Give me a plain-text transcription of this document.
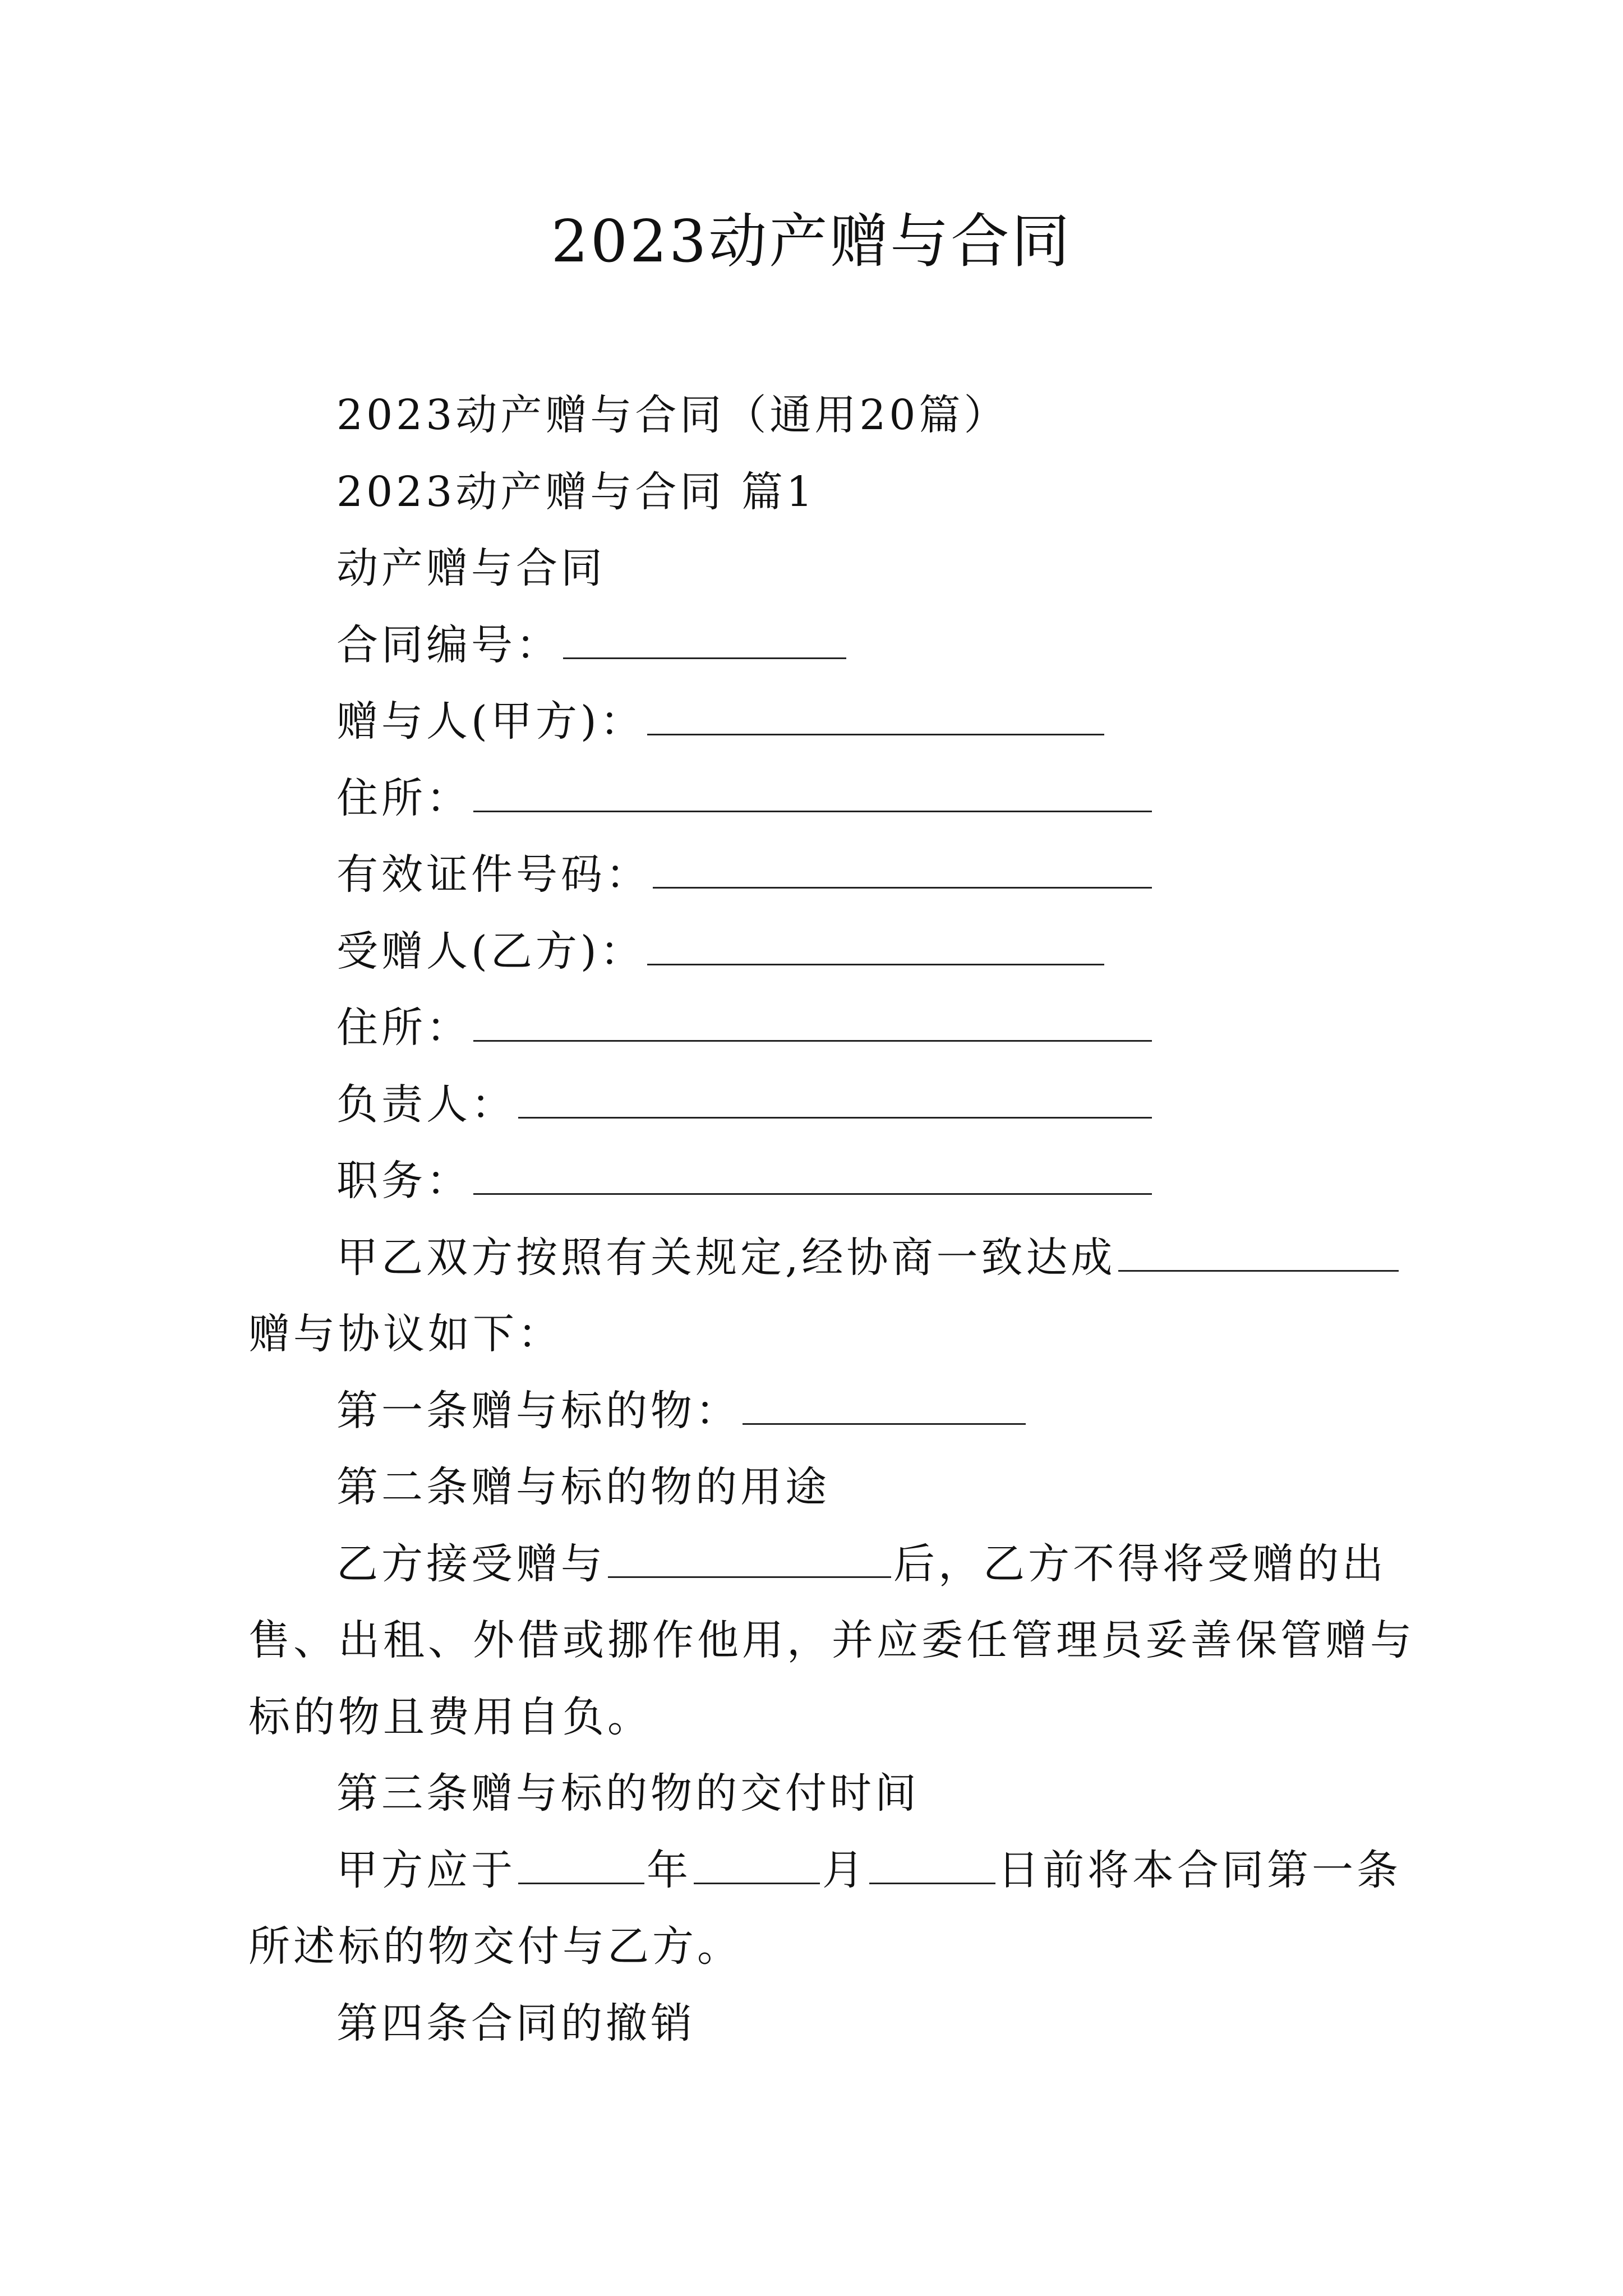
2023动产赠与合同
2023动产赠与合同（通用20篇）
2023动产赠与合同 篇1
动产赠与合同
合同编号：
赠与人(甲方)：
住所：
有效证件号码：
受赠人(乙方)：
住所：
负责人：
职务：
甲乙双方按照有关规定,经协商一致达成
赠与协议如下：
第一条赠与标的物：
第二条赠与标的物的用途
乙方接受赠与	后，乙方不得将受赠的出
售、出租、外借或挪作他用，并应委任管理员妥善保管赠与
标的物且费用自负。
第三条赠与标的物的交付时间
甲方应于	年	月	日前将本合同第一条
所述标的物交付与乙方。
第四条合同的撤销
